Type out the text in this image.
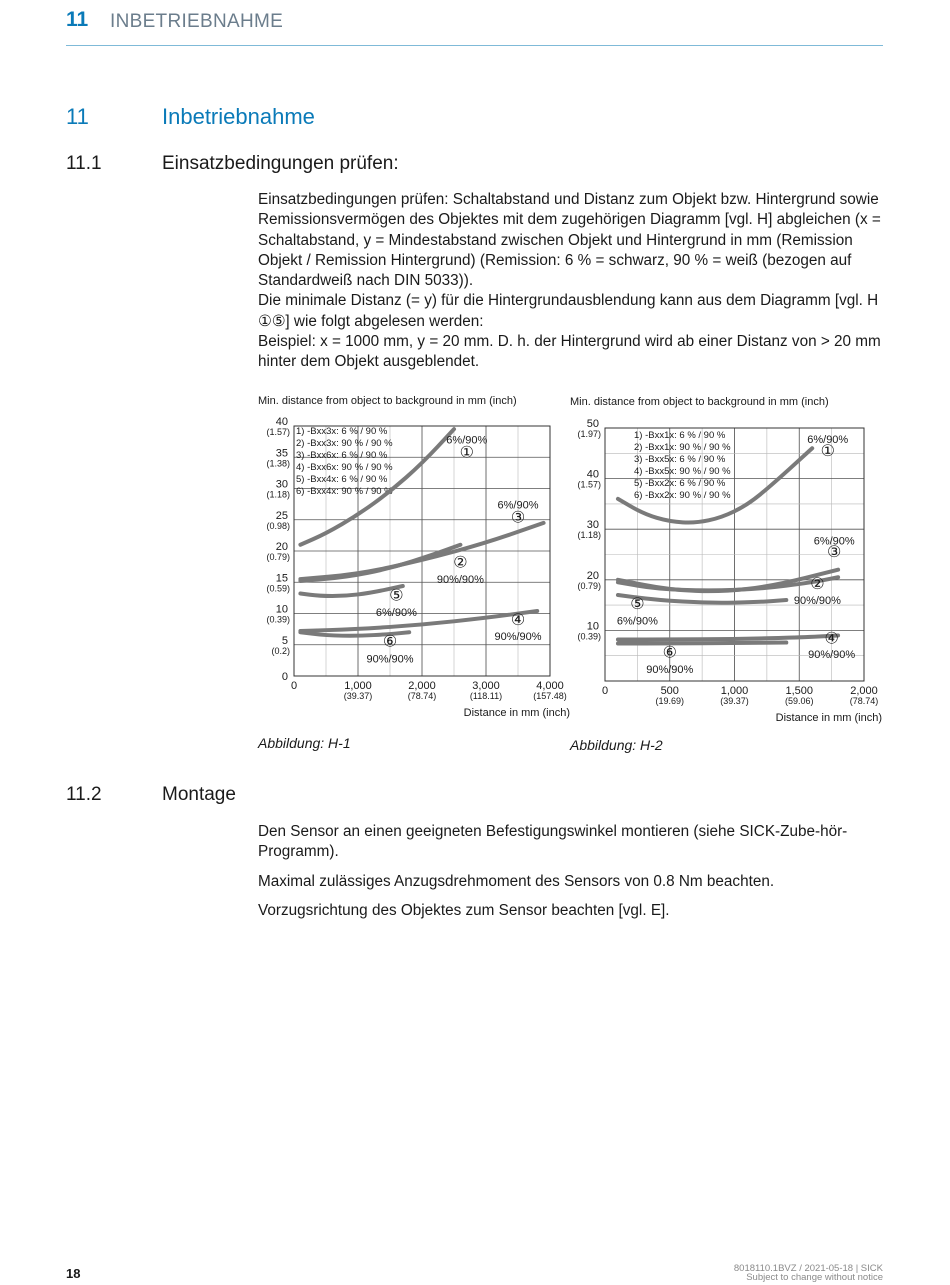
11 INBETRIEBNAHME
11	Inbetriebnahme
11.1	Einsatzbedingungen prüfen:

Einsatzbedingungen prüfen: Schaltabstand und Distanz zum Objekt bzw. Hintergrund sowie Remissionsvermögen des Objektes mit dem zugehörigen Diagramm [vgl. H] abgleichen (x = Schaltabstand, y = Mindestabstand zwischen Objekt und Hintergrund in mm (Remission Objekt / Remission Hintergrund) (Remission: 6 % = schwarz, 90 % = weiß (bezogen auf Standardweiß nach DIN 5033)).

Die minimale Distanz (= y) für die Hintergrundausblendung kann aus dem Diagramm [vgl. H ①⑤] wie folgt abgelesen werden:

Beispiel: x = 1000 mm, y = 20 mm. D. h. der Hintergrund wird ab einer Distanz von > 20 mm hinter dem Objekt ausgeblendet.

Min. distance from object to background in mm (inch)
0	1,000
(39.37)
2,000
(78.74)
3,000
(118.11)
4,000
(157.48)
0
5
(0.2)
10
(0.39)
15
(0.59)
20
(0.79)
25
(0.98)
30
(1.18)
35
(1.38)
40
(1.57)
Distance in mm (inch)
1) -Bxx3x: 6 % / 90 %
2) -Bxx3x: 90 % / 90 %
3) -Bxx6x: 6 % / 90 %
4) -Bxx6x: 90 % / 90 %
5) -Bxx4x: 6 % / 90 %
6) -Bxx4x: 90 % / 90 %
6%/90%
①
6%/90%
③
②
90%/90%
⑤
6%/90%	④
90%/90%
⑥
90%/90%
Min. distance from object to background in mm (inch)
0	500
(19.69)
1,000
(39.37)
1,500
(59.06)
2,000
(78.74)
10
(0.39)
20
(0.79)
30
(1.18)
40
(1.57)
50
(1.97)
Distance in mm (inch)
1) -Bxx1x: 6 % / 90 %
2) -Bxx1x: 90 % / 90 %
3) -Bxx5x: 6 % / 90 %
4) -Bxx5x: 90 % / 90 %
5) -Bxx2x: 6 % / 90 %
6) -Bxx2x: 90 % / 90 %
6%/90%
①
6%/90%
③
②
90%/90%
⑤
6%/90%
④
90%/90%
⑥
90%/90%
Abbildung: H-1	Abbildung: H-2
11.2	Montage

Den Sensor an einen geeigneten Befestigungswinkel montieren (siehe SICK-Zube-hör-Programm).

Maximal zulässiges Anzugsdrehmoment des Sensors von 0.8 Nm beachten.

Vorzugsrichtung des Objektes zum Sensor beachten [vgl. E].

18	8018110.1BVZ / 2021-05-18 | SICK
Subject to change without notice
